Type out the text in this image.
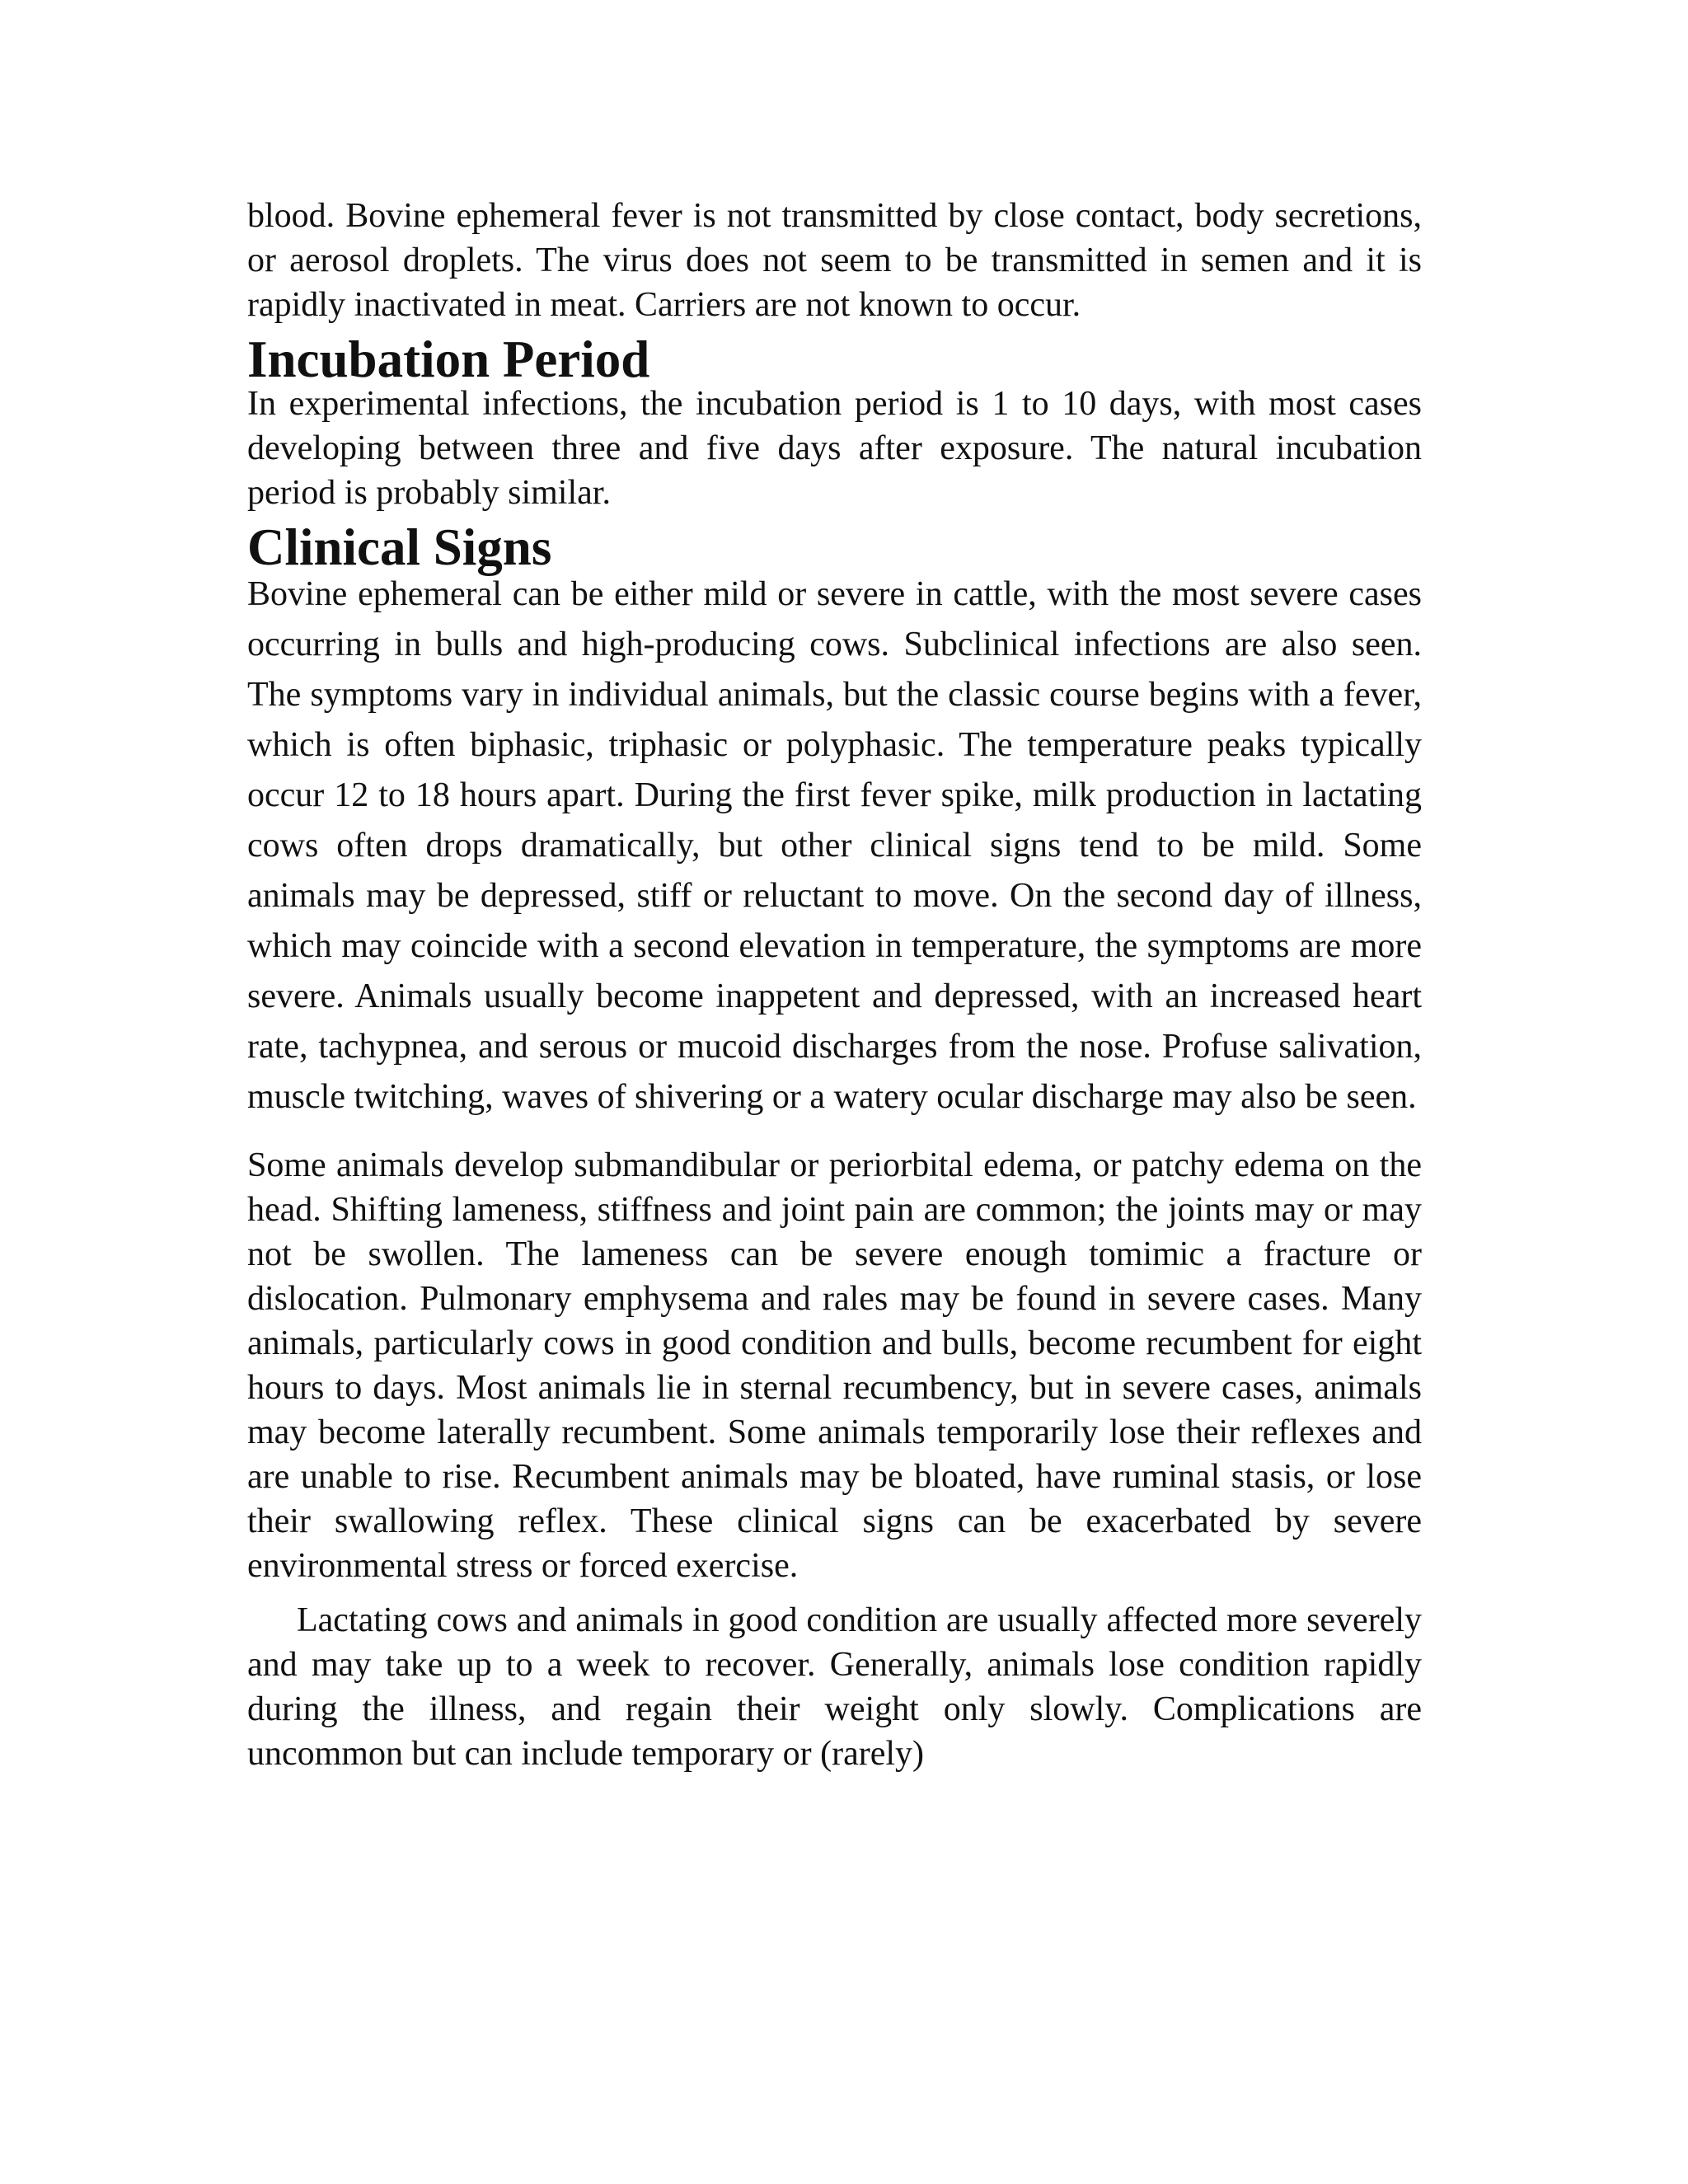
blood. Bovine ephemeral fever is not transmitted by close contact, body secretions, or aerosol droplets. The virus does not seem to be transmitted in semen and it is rapidly inactivated in meat. Carriers are not known to occur.

Incubation Period

In experimental infections, the incubation period is 1 to 10 days, with most cases developing between three and five days after exposure. The natural incubation period is probably similar.

Clinical Signs

Bovine ephemeral can be either mild or severe in cattle, with the most severe cases occurring in bulls and high-producing cows. Subclinical infections are also seen. The symptoms vary in individual animals, but the classic course begins with a fever, which is often biphasic, triphasic or polyphasic. The temperature peaks typically occur 12 to 18 hours apart. During the first fever spike, milk production in lactating cows often drops dramatically, but other clinical signs tend to be mild. Some animals may be depressed, stiff or reluctant to move. On the second day of illness, which may coincide with a second elevation in temperature, the symptoms are more severe. Animals usually become inappetent and depressed, with an increased heart rate, tachypnea, and serous or mucoid discharges from the nose. Profuse salivation, muscle twitching, waves of shivering or a watery ocular discharge may also be seen.

Some animals develop submandibular or periorbital edema, or patchy edema on the head. Shifting lameness, stiffness and joint pain are common; the joints may or may not be swollen. The lameness can be severe enough tomimic a fracture or dislocation. Pulmonary emphysema and rales may be found in severe cases. Many animals, particularly cows in good condition and bulls, become recumbent for eight hours to days. Most animals lie in sternal recumbency, but in severe cases, animals may become laterally recumbent. Some animals temporarily lose their reflexes and are unable to rise. Recumbent animals may be bloated, have ruminal stasis, or lose their swallowing reflex. These clinical signs can be exacerbated by severe environmental stress or forced exercise.

Lactating cows and animals in good condition are usually affected more severely and may take up to a week to recover. Generally, animals lose condition rapidly during the illness, and regain their weight only slowly. Complications are uncommon but can include temporary or (rarely)
